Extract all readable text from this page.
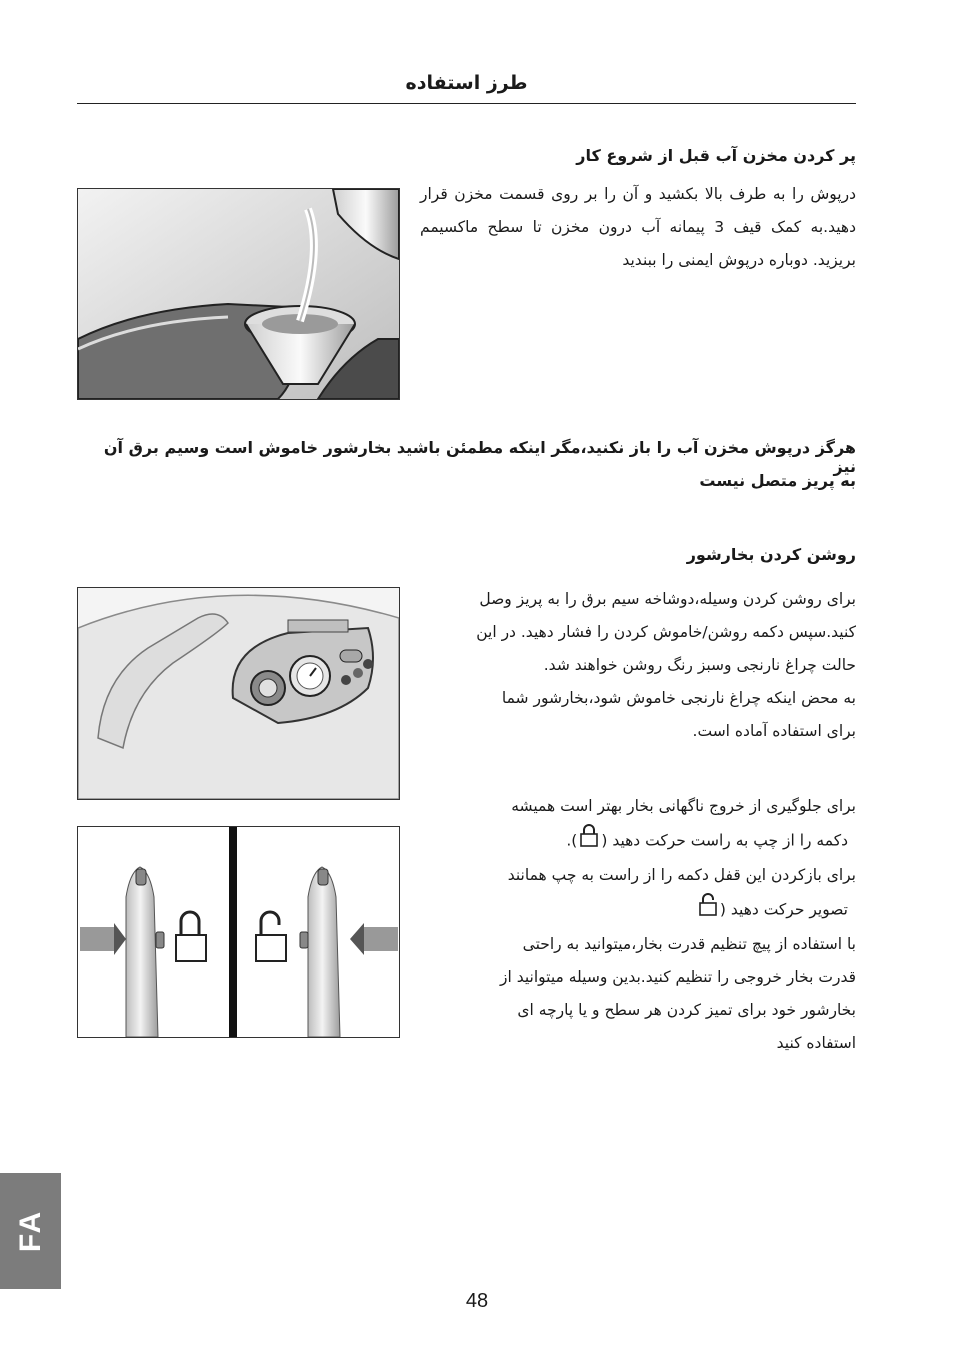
طرز استفاده
پر کردن مخزن آب قبل از شروع کار
درپوش را به طرف بالا بکشید و آن را بر روی قسمت مخزن قرار دهید.به کمک قیف 3 پیمانه آب درون مخزن تا سطح ماکسیمم بریزید. دوباره درپوش ایمنی را ببندید
هرگز درپوش مخزن آب را باز نکنید،مگر اینکه مطمئن باشید بخارشور خاموش است وسیم برق آن نیز
به پریز متصل نیست
روشن کردن بخارشور
برای روشن کردن وسیله،دوشاخه سیم برق را به پریز وصل
کنید.سپس دکمه روشن/خاموش کردن را فشار دهید. در این
حالت چراغ نارنجی وسبز رنگ روشن خواهند شد.
به محض اینکه چراغ نارنجی خاموش شود،بخارشور شما
برای استفاده آماده است.
برای جلوگیری از خروج ناگهانی بخار بهتر است همیشه
دکمه را از چپ به راست حرکت دهید ().
برای بازکردن این قفل دکمه را از راست به چپ همانند
تصویر حرکت دهید (
با استفاده از پیچ تنظیم قدرت بخار،میتوانید به راحتی
قدرت بخار خروجی را تنظیم کنید.بدین وسیله میتوانید از
بخارشور خود برای تمیز کردن هر سطح و یا پارچه ای
استفاده کنید
FA
48
